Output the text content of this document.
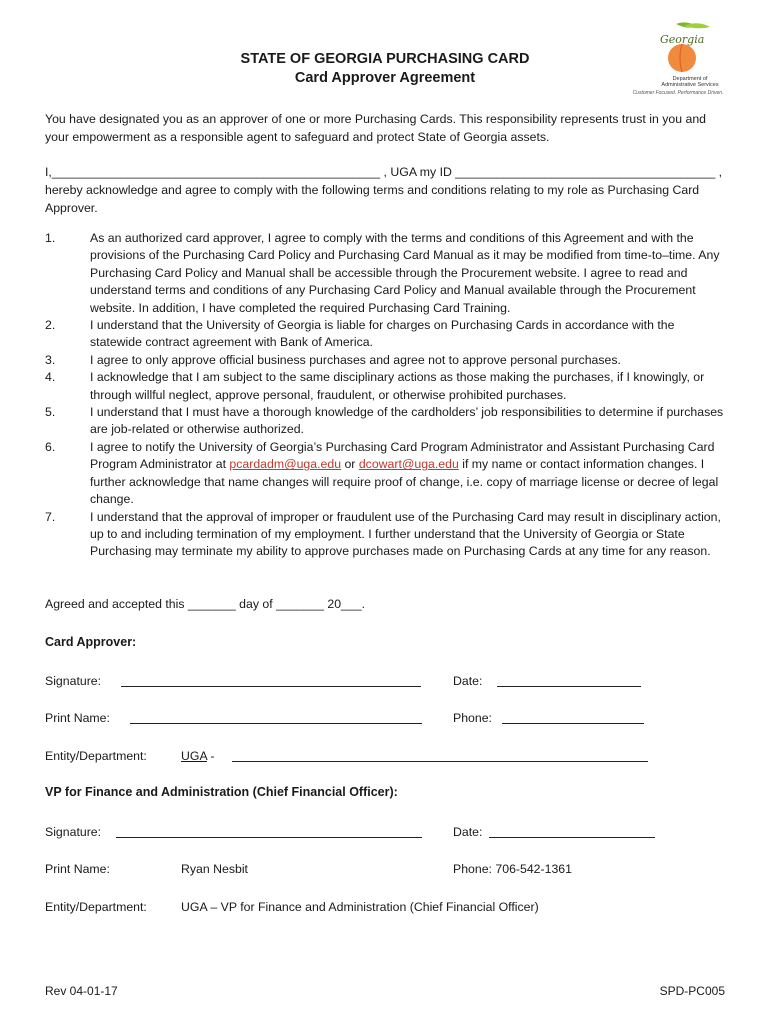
STATE OF GEORGIA PURCHASING CARD
Card Approver Agreement
Georgia
Department of
Administrative Services
Customer Focused. Performance Driven.
You have designated you as an approver of one or more Purchasing Cards. This responsibility represents trust in you and your empowerment as a responsible agent to safeguard and protect State of Georgia assets.
I,________________________________________________ , UGA my ID ______________________________________ ,
hereby acknowledge and agree to comply with the following terms and conditions relating to my role as Purchasing Card Approver.
1.	As an authorized card approver, I agree to comply with the terms and conditions of this Agreement and with the provisions of the Purchasing Card Policy and Purchasing Card Manual as it may be modified from time-to–time. Any Purchasing Card Policy and Manual shall be accessible through the Procurement website. I agree to read and understand terms and conditions of any Purchasing Card Policy and Manual available through the Procurement website. In addition, I have completed the required Purchasing Card Training.
2.	I understand that the University of Georgia is liable for charges on Purchasing Cards in accordance with the statewide contract agreement with Bank of America.
3.	I agree to only approve official business purchases and agree not to approve personal purchases.
4.	I acknowledge that I am subject to the same disciplinary actions as those making the purchases, if I knowingly, or through willful neglect, approve personal, fraudulent, or otherwise prohibited purchases.
5.	I understand that I must have a thorough knowledge of the cardholders’ job responsibilities to determine if purchases are job-related or otherwise authorized.
6.	I agree to notify the University of Georgia’s Purchasing Card Program Administrator and Assistant Purchasing Card Program Administrator at pcardadm@uga.edu or dcowart@uga.edu if my name or contact information changes. I further acknowledge that name changes will require proof of change, i.e. copy of marriage license or decree of legal change.
7.	I understand that the approval of improper or fraudulent use of the Purchasing Card may result in disciplinary action, up to and including termination of my employment. I further understand that the University of Georgia or State Purchasing may terminate my ability to approve purchases made on Purchasing Cards at any time for any reason.
Agreed and accepted this _______ day of _______ 20___.
Card Approver:
Signature:	Date:
Print Name:	Phone:
Entity/Department:	UGA -
VP for Finance and Administration (Chief Financial Officer):
Signature:	Date:
Print Name:	Ryan Nesbit	Phone: 706-542-1361
Entity/Department:	UGA – VP for Finance and Administration (Chief Financial Officer)
Rev 04-01-17	SPD-PC005
